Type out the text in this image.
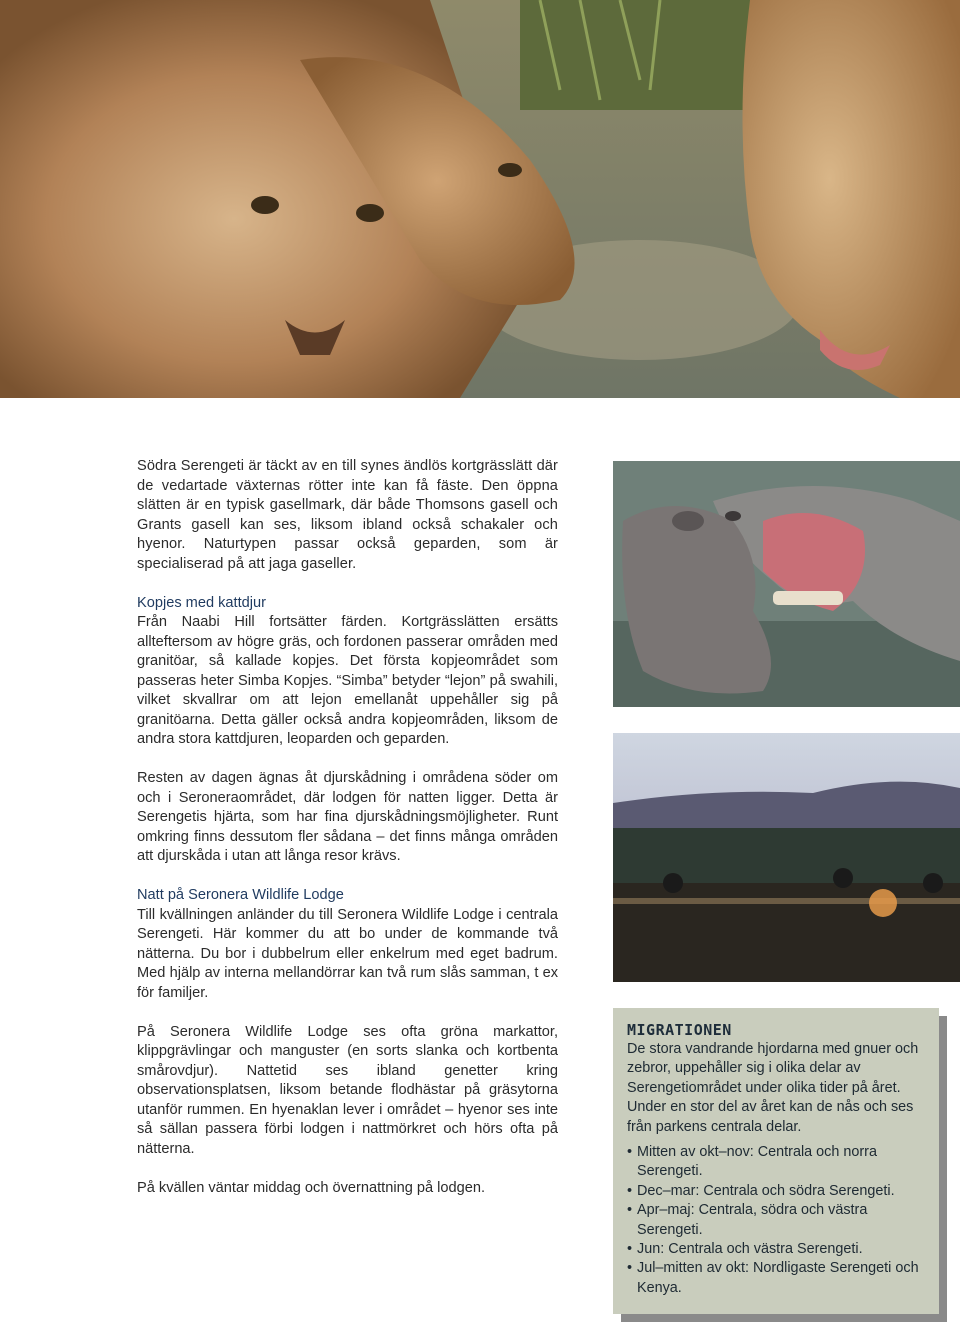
Södra Serengeti är täckt av en till synes ändlös kortgrässlätt där de vedartade växternas rötter inte kan få fäste. Den öppna slätten är en typisk gasellmark, där både Thomsons gasell och Grants gasell kan ses, liksom ibland också schakaler och hyenor. Naturtypen passar också geparden, som är specialiserad på att jaga gaseller.

Kopjes med kattdjur

Från Naabi Hill fortsätter färden. Kortgrässlätten ersätts allteftersom av högre gräs, och fordonen passerar områden med granitöar, så kallade kopjes. Det första kopjeområdet som passeras heter Simba Kopjes. “Simba” betyder “lejon” på swahili, vilket skvallrar om att lejon emellanåt uppehåller sig på granitöarna. Detta gäller också andra kopjeområden, liksom de andra stora kattdjuren, leoparden och geparden.

Resten av dagen ägnas åt djurskådning i områdena söder om och i Seroneraområdet, där lodgen för natten ligger. Detta är Serengetis hjärta, som har fina djurskådningsmöjligheter. Runt omkring finns dessutom fler sådana – det finns många områden att djurskåda i utan att långa resor krävs.

Natt på Seronera Wildlife Lodge

Till kvällningen anländer du till Seronera Wildlife Lodge i centrala Serengeti. Här kommer du att bo under de kommande två nätterna. Du bor i dubbelrum eller enkelrum med eget badrum. Med hjälp av interna mellandörrar kan två rum slås samman, t ex för familjer.

På Seronera Wildlife Lodge ses ofta gröna markattor, klippgrävlingar och manguster (en sorts slanka och kortbenta smårovdjur). Nattetid ses ibland genetter kring observationsplatsen, liksom betande flodhästar på gräsytorna utanför rummen. En hyenaklan lever i området – hyenor ses inte så sällan passera förbi lodgen i nattmörkret och hörs ofta på nätterna.

På kvällen väntar middag och övernattning på lodgen.

MIGRATIONEN

De stora vandrande hjordarna med gnuer och zebror, uppehåller sig i olika delar av Serengetiområdet under olika tider på året. Under en stor del av året kan de nås och ses från parkens centrala delar.

• Mitten av okt–nov: Centrala och norra Serengeti.
• Dec–mar: Centrala och södra Serengeti.
• Apr–maj: Centrala, södra och västra Serengeti.
• Jun: Centrala och västra Serengeti.
• Jul–mitten av okt: Nordligaste Serengeti och Kenya.
